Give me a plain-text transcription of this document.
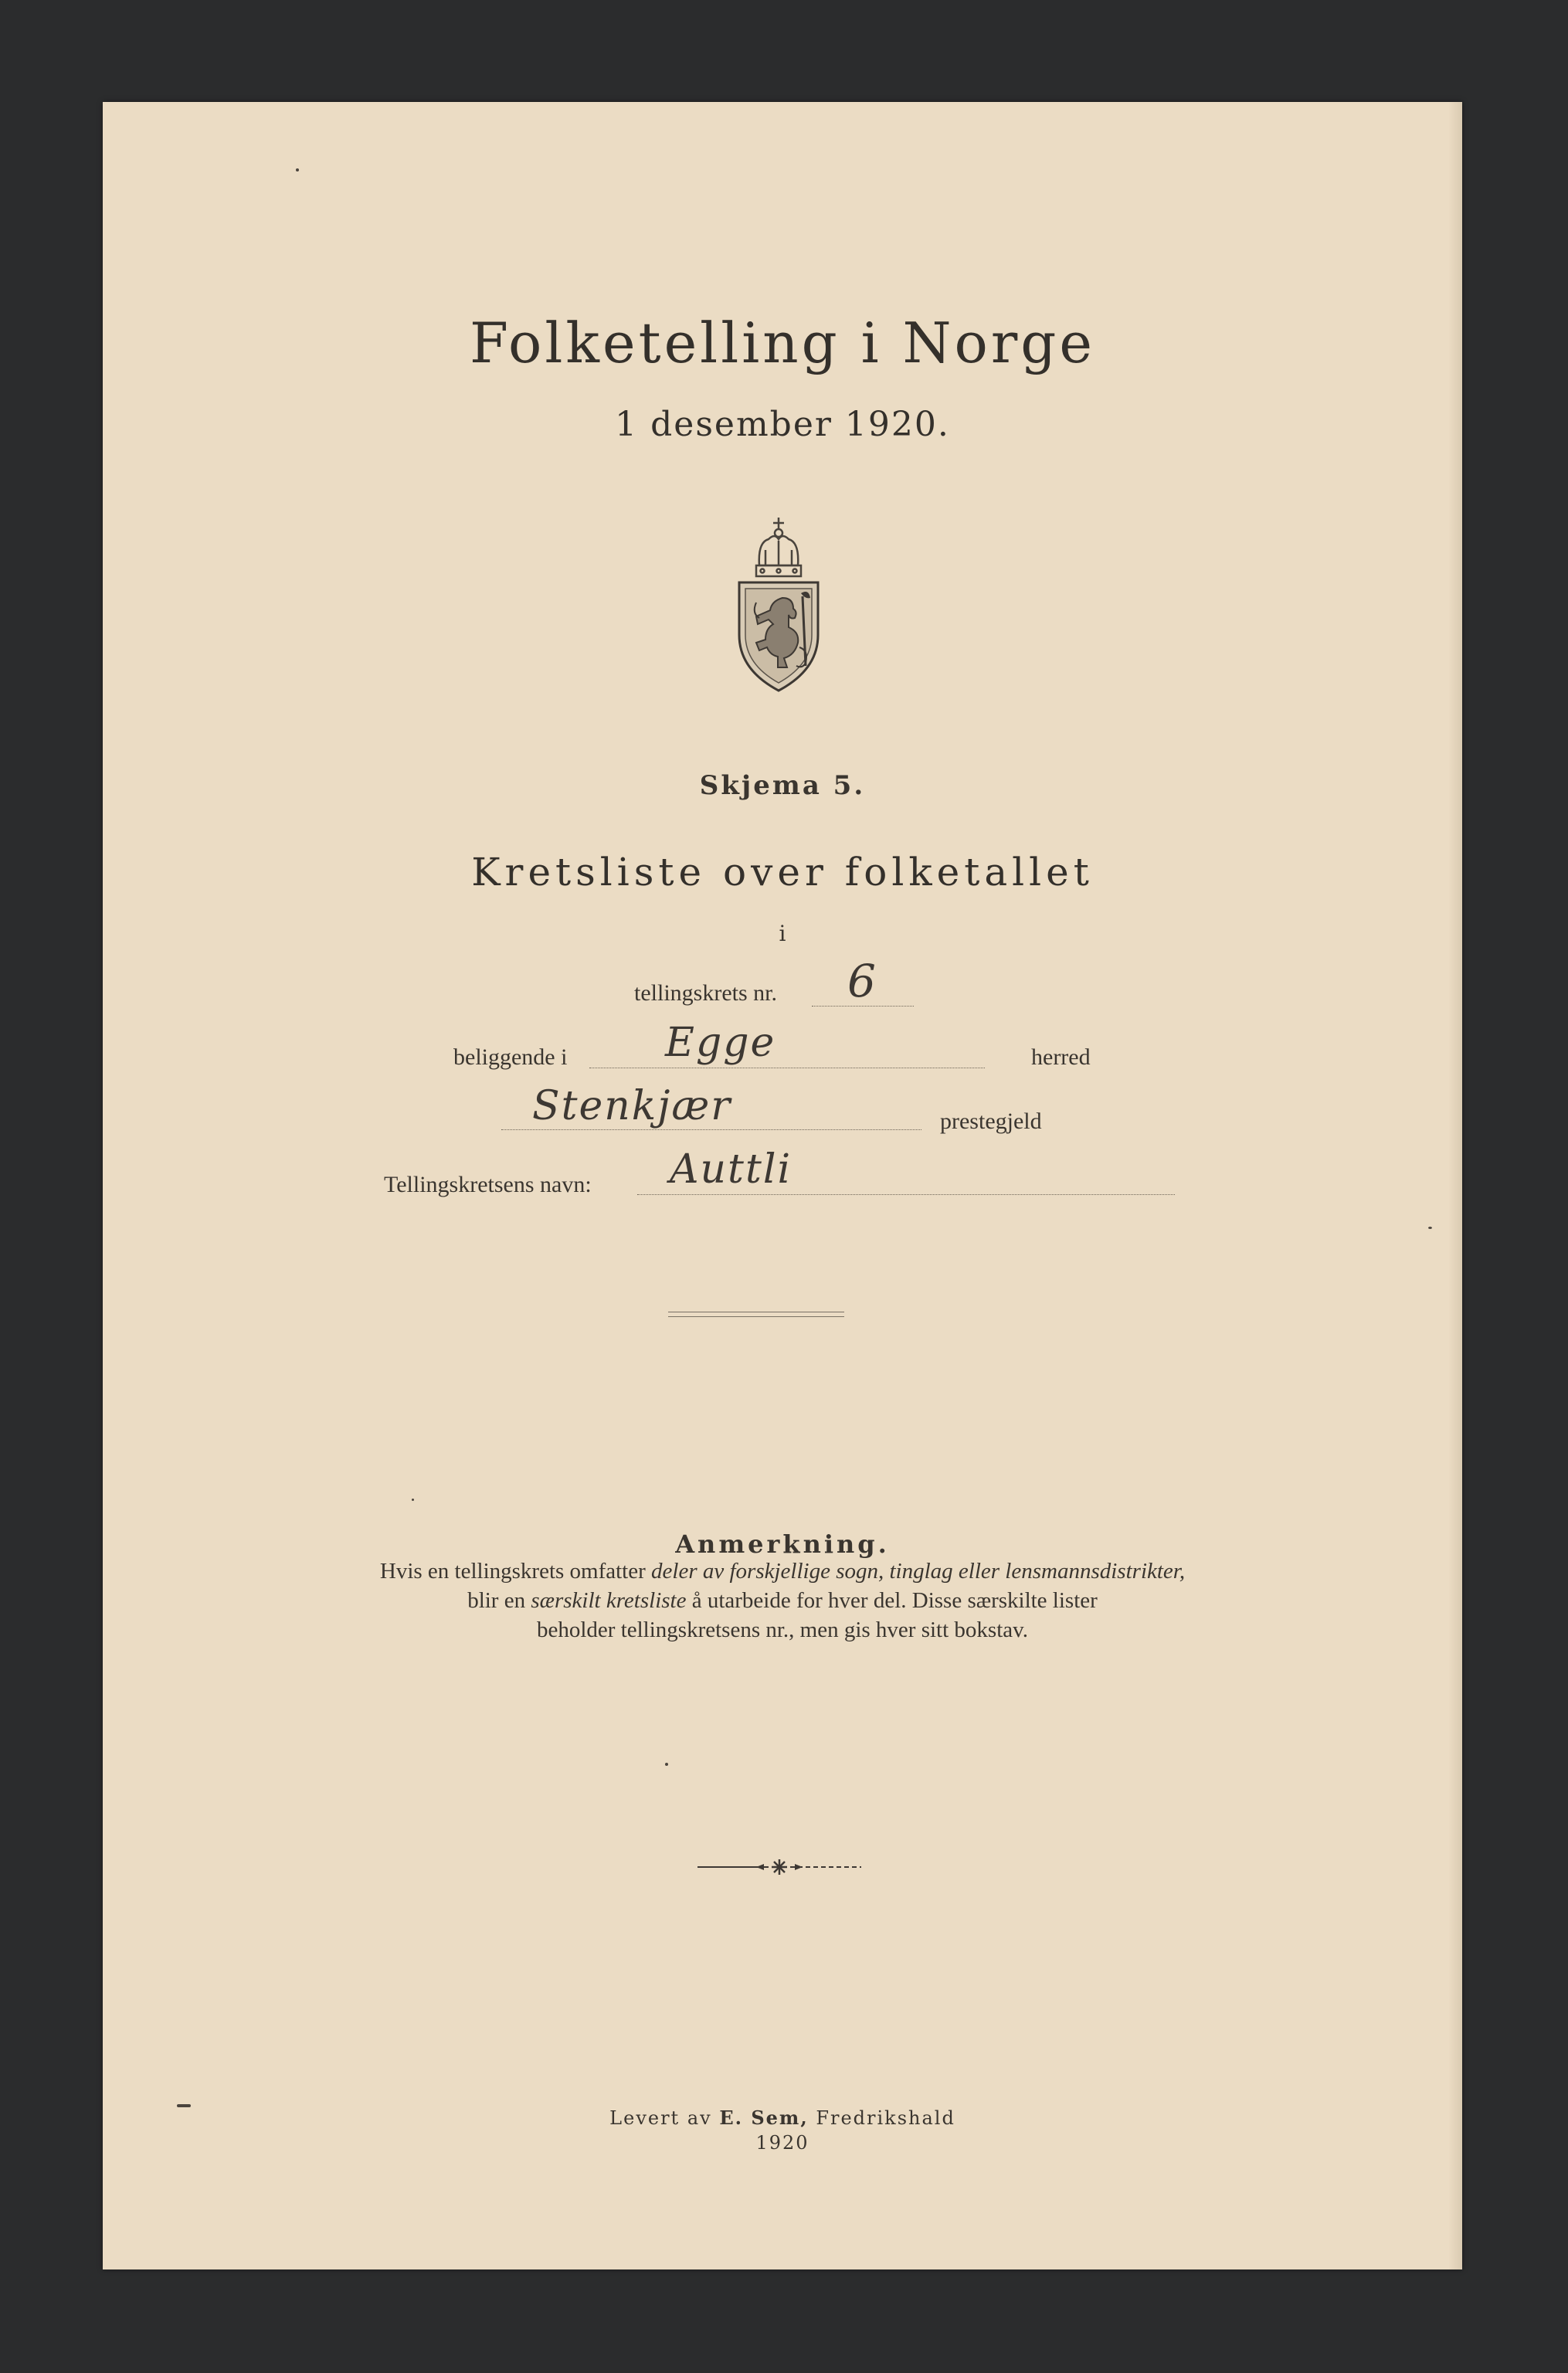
Folketelling i Norge
1 desember 1920.
Skjema 5.
Kretsliste over folketallet
i
tellingskrets nr. 6
beliggende i Egge	herred
Stenkjær	prestegjeld
Tellingskretsens navn: Auttli
Anmerkning.
Hvis en tellingskrets omfatter deler av forskjellige sogn, tinglag eller lensmannsdistrikter,
blir en særskilt kretsliste å utarbeide for hver del. Disse særskilte lister
beholder tellingskretsens nr., men gis hver sitt bokstav.
Levert av E. Sem, Fredrikshald
1920
